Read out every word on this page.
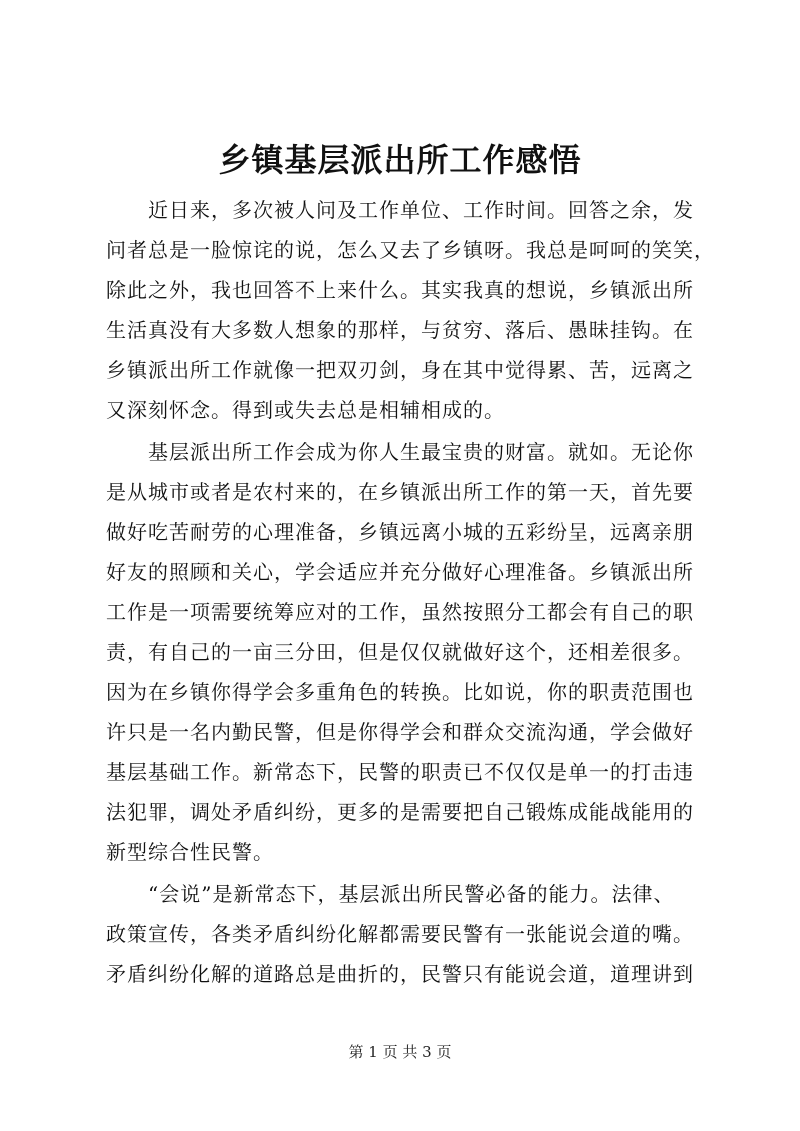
乡镇基层派出所工作感悟
近日来，多次被人问及工作单位、工作时间。回答之余，发
问者总是一脸惊诧的说，怎么又去了乡镇呀。我总是呵呵的笑笑，
除此之外，我也回答不上来什么。其实我真的想说，乡镇派出所
生活真没有大多数人想象的那样，与贫穷、落后、愚昧挂钩。在
乡镇派出所工作就像一把双刃剑，身在其中觉得累、苦，远离之
又深刻怀念。得到或失去总是相辅相成的。
基层派出所工作会成为你人生最宝贵的财富。就如。无论你
是从城市或者是农村来的，在乡镇派出所工作的第一天，首先要
做好吃苦耐劳的心理准备，乡镇远离小城的五彩纷呈，远离亲朋
好友的照顾和关心，学会适应并充分做好心理准备。乡镇派出所
工作是一项需要统筹应对的工作，虽然按照分工都会有自己的职
责，有自己的一亩三分田，但是仅仅就做好这个，还相差很多。
因为在乡镇你得学会多重角色的转换。比如说，你的职责范围也
许只是一名内勤民警，但是你得学会和群众交流沟通，学会做好
基层基础工作。新常态下，民警的职责已不仅仅是单一的打击违
法犯罪，调处矛盾纠纷，更多的是需要把自己锻炼成能战能用的
新型综合性民警。
“会说”是新常态下，基层派出所民警必备的能力。法律、
政策宣传，各类矛盾纠纷化解都需要民警有一张能说会道的嘴。
矛盾纠纷化解的道路总是曲折的，民警只有能说会道，道理讲到
第 1 页 共 3 页
